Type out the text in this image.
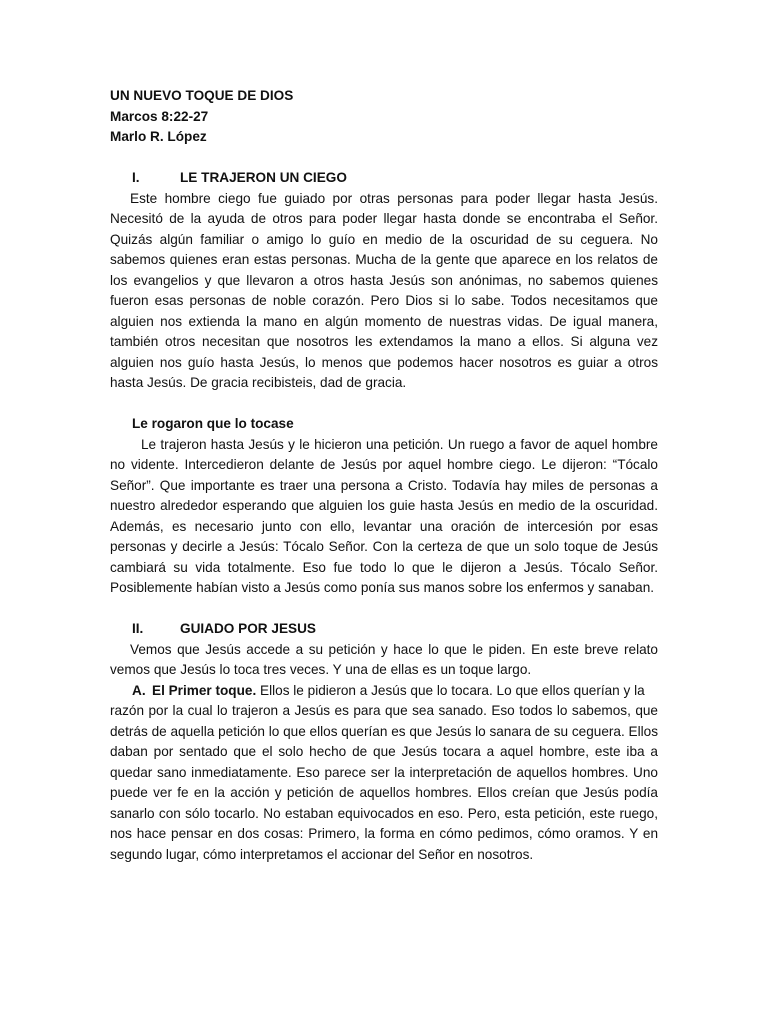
UN NUEVO TOQUE DE DIOS
Marcos 8:22-27
Marlo R. López
I.	LE TRAJERON UN CIEGO

Este hombre ciego fue guiado por otras personas para poder llegar hasta Jesús. Necesitó de la ayuda de otros para poder llegar hasta donde se encontraba el Señor. Quizás algún familiar o amigo lo guío en medio de la oscuridad de su ceguera. No sabemos quienes eran estas personas. Mucha de la gente que aparece en los relatos de los evangelios y que llevaron a otros hasta Jesús son anónimas, no sabemos quienes fueron esas personas de noble corazón. Pero Dios si lo sabe. Todos necesitamos que alguien nos extienda la mano en algún momento de nuestras vidas. De igual manera, también otros necesitan que nosotros les extendamos la mano a ellos. Si alguna vez alguien nos guío hasta Jesús, lo menos que podemos hacer nosotros es guiar a otros hasta Jesús. De gracia recibisteis, dad de gracia.

Le rogaron que lo tocase

Le trajeron hasta Jesús y le hicieron una petición. Un ruego a favor de aquel hombre no vidente. Intercedieron delante de Jesús por aquel hombre ciego. Le dijeron: “Tócalo Señor”. Que importante es traer una persona a Cristo. Todavía hay miles de personas a nuestro alrededor esperando que alguien los guie hasta Jesús en medio de la oscuridad. Además, es necesario junto con ello, levantar una oración de intercesión por esas personas y decirle a Jesús: Tócalo Señor. Con la certeza de que un solo toque de Jesús cambiará su vida totalmente. Eso fue todo lo que le dijeron a Jesús. Tócalo Señor. Posiblemente habían visto a Jesús como ponía sus manos sobre los enfermos y sanaban.

II.	GUIADO POR JESUS

Vemos que Jesús accede a su petición y hace lo que le piden. En este breve relato vemos que Jesús lo toca tres veces. Y una de ellas es un toque largo.

A. El Primer toque. Ellos le pidieron a Jesús que lo tocara. Lo que ellos querían y la

razón por la cual lo trajeron a Jesús es para que sea sanado. Eso todos lo sabemos, que detrás de aquella petición lo que ellos querían es que Jesús lo sanara de su ceguera. Ellos daban por sentado que el solo hecho de que Jesús tocara a aquel hombre, este iba a quedar sano inmediatamente. Eso parece ser la interpretación de aquellos hombres. Uno puede ver fe en la acción y petición de aquellos hombres. Ellos creían que Jesús podía sanarlo con sólo tocarlo. No estaban equivocados en eso. Pero, esta petición, este ruego, nos hace pensar en dos cosas: Primero, la forma en cómo pedimos, cómo oramos. Y en segundo lugar, cómo interpretamos el accionar del Señor en nosotros.
